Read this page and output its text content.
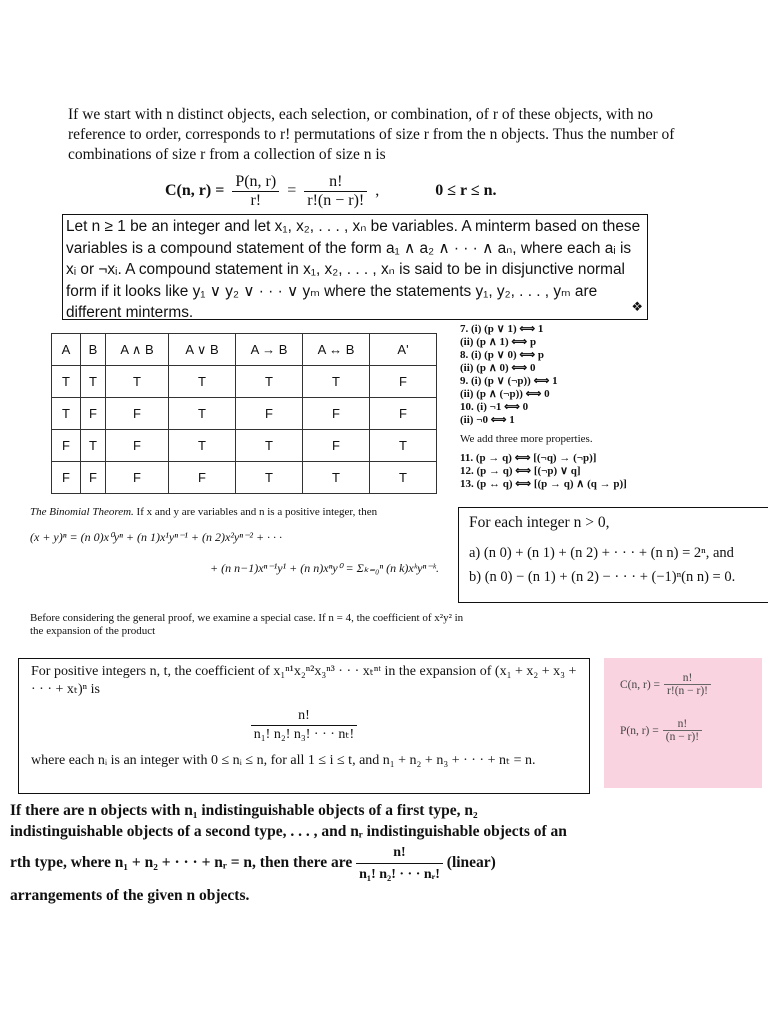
If we start with n distinct objects, each selection, or combination, of r of these objects, with no reference to order, corresponds to r! permutations of size r from the n objects. Thus the number of combinations of size r from a collection of size n is
C(n, $r) = \frac{P(n, r)}{r!} = \frac{n!}{r!(n - r)!}$ ,	0 ≤ r ≤ n.
Let n ≥ 1 be an integer and let x₁, x₂, . . . , xₙ be variables. A minterm based on these variables is a compound statement of the form a₁ ∧ a₂ ∧ · · · ∧ aₙ, where each aᵢ is xᵢ or ¬xᵢ. A compound statement in x₁, x₂, . . . , xₙ is said to be in disjunctive normal form if it looks like y₁ ∨ y₂ ∨ · · · ∨ yₘ where the statements y₁, y₂, . . . , yₘ are different minterms.	❖
A	B	A ∧ B	A ∨ B	A → B	A ↔ B	A'
T	T	T	T	T	T	F
T	F	F	T	F	F	F
F	T	F	T	T	F	T
F	F	F	F	T	T	T
7. (i) (p ∨ 1) ⟺ 1
(ii) (p ∧ 1) ⟺ p
8. (i) (p ∨ 0) ⟺ p
(ii) (p ∧ 0) ⟺ 0
9. (i) (p ∨ (¬p)) ⟺ 1
(ii) (p ∧ (¬p)) ⟺ 0
10. (i) ¬1 ⟺ 0
(ii) ¬0 ⟺ 1
We add three more properties.
11. (p → q) ⟺ [(¬q) → (¬p)]
12. (p → q) ⟺ [(¬p) ∨ q]
13. (p ↔ q) ⟺ [(p → q) ∧ (q → p)]
The Binomial Theorem. If x and y are variables and n is a positive integer, then
(x + y)ⁿ = (n 0)x⁰yⁿ + (n 1)x¹yⁿ⁻¹ + (n 2)x²yⁿ⁻² + · · ·
+ (n n−1)xⁿ⁻¹y¹ + (n n)xⁿy⁰ = Σₖ₌₀ⁿ (n k)xᵏyⁿ⁻ᵏ.
Before considering the general proof, we examine a special case. If n = 4, the coefficient of x²y² in the expansion of the product
For each integer n > 0,
a) (n 0) + (n 1) + (n 2) + · · · + (n n) = 2ⁿ, and
b) (n 0) − (n 1) + (n 2) − · · · + (−1)ⁿ(n n) = 0.
For positive integers n, t, the coefficient of x₁ⁿ¹x₂ⁿ²x₃ⁿ³ · · · xₜⁿᵗ in the expansion of (x₁ + x₂ + x₃ + · · · + xₜ)ⁿ is
$\frac{n!}{\text{n₁! n₂! n₃! · · · nₜ!}}$
where each nᵢ is an integer with 0 ≤ nᵢ ≤ n, for all 1 ≤ i ≤ t, and n₁ + n₂ + n₃ + · · · + nₜ = n.
C(n, $r) = \frac{n!}{r!(n - r)!}$
P(n, $r) = \frac{n!}{(n - r)!}$
If there are n objects with n₁ indistinguishable objects of a first type, n₂ indistinguishable objects of a second type, . . . , and nᵣ indistinguishable objects of an rth type, where n₁ + n₂ + · · · + nᵣ = n, then there are $\frac{n!}{\text{n₁! n₂! · · · nᵣ!}}$ (linear) arrangements of the given n objects.
